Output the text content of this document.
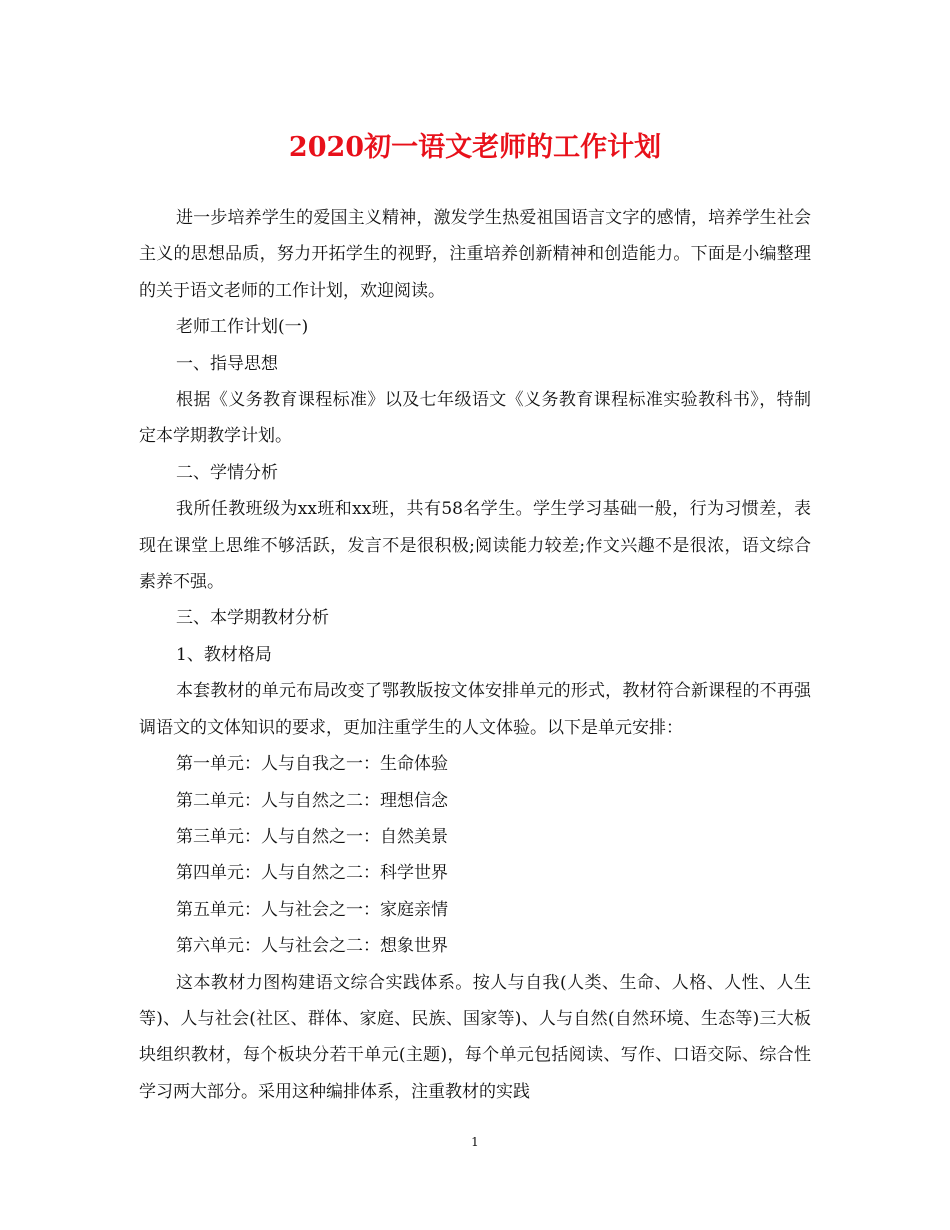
2020初一语文老师的工作计划

进一步培养学生的爱国主义精神，激发学生热爱祖国语言文字的感情，培养学生社会主义的思想品质，努力开拓学生的视野，注重培养创新精神和创造能力。下面是小编整理的关于语文老师的工作计划，欢迎阅读。

老师工作计划(一)

一、指导思想

根据《义务教育课程标准》以及七年级语文《义务教育课程标准实验教科书》，特制定本学期教学计划。

二、学情分析

我所任教班级为xx班和xx班，共有58名学生。学生学习基础一般，行为习惯差，表现在课堂上思维不够活跃，发言不是很积极;阅读能力较差;作文兴趣不是很浓，语文综合素养不强。

三、本学期教材分析

1、教材格局

本套教材的单元布局改变了鄂教版按文体安排单元的形式，教材符合新课程的不再强调语文的文体知识的要求，更加注重学生的人文体验。以下是单元安排：

第一单元：人与自我之一：生命体验

第二单元：人与自然之二：理想信念

第三单元：人与自然之一：自然美景

第四单元：人与自然之二：科学世界

第五单元：人与社会之一：家庭亲情

第六单元：人与社会之二：想象世界

这本教材力图构建语文综合实践体系。按人与自我(人类、生命、人格、人性、人生等)、人与社会(社区、群体、家庭、民族、国家等)、人与自然(自然环境、生态等)三大板块组织教材，每个板块分若干单元(主题)，每个单元包括阅读、写作、口语交际、综合性学习两大部分。采用这种编排体系，注重教材的实践

1
